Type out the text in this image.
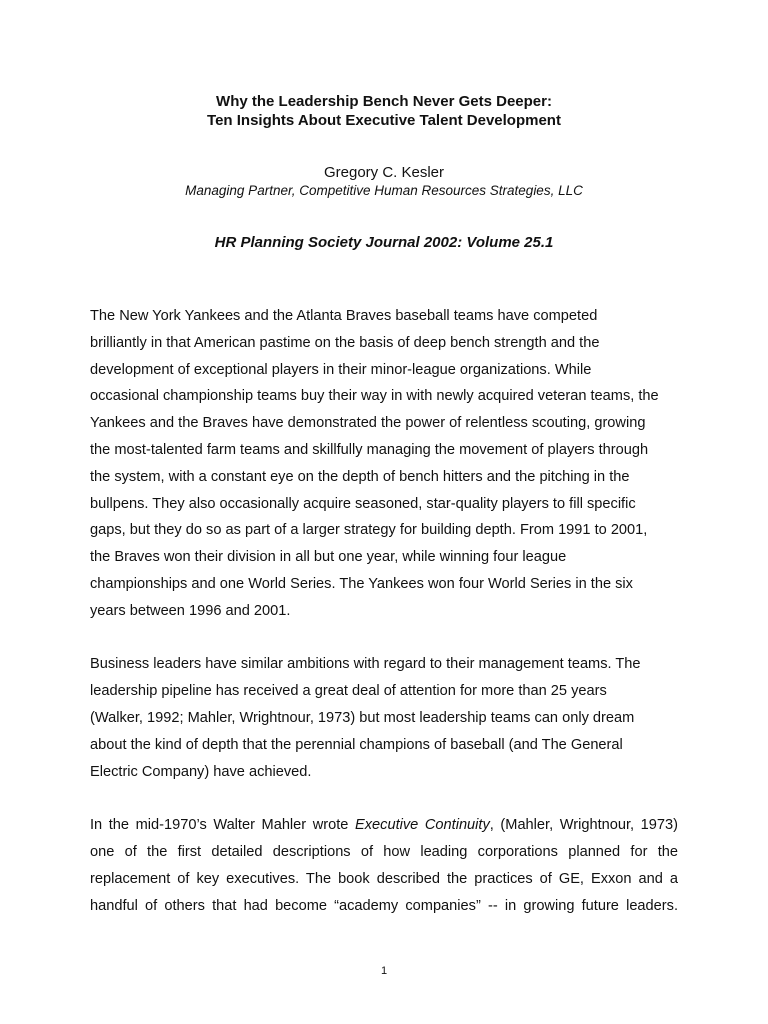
Why the Leadership Bench Never Gets Deeper:

Ten Insights About Executive Talent Development

Gregory C. Kesler

Managing Partner, Competitive Human Resources Strategies, LLC

HR Planning Society Journal 2002: Volume 25.1

The New York Yankees and the Atlanta Braves baseball teams have competed
brilliantly in that American pastime on the basis of deep bench strength and the
development of exceptional players in their minor-league organizations. While
occasional championship teams buy their way in with newly acquired veteran teams, the
Yankees and the Braves have demonstrated the power of relentless scouting, growing
the most-talented farm teams and skillfully managing the movement of players through
the system, with a constant eye on the depth of bench hitters and the pitching in the
bullpens. They also occasionally acquire seasoned, star-quality players to fill specific
gaps, but they do so as part of a larger strategy for building depth. From 1991 to 2001,
the Braves won their division in all but one year, while winning four league
championships and one World Series. The Yankees won four World Series in the six
years between 1996 and 2001.

Business leaders have similar ambitions with regard to their management teams. The
leadership pipeline has received a great deal of attention for more than 25 years
(Walker, 1992; Mahler, Wrightnour, 1973) but most leadership teams can only dream
about the kind of depth that the perennial champions of baseball (and The General
Electric Company) have achieved.

In the mid-1970’s Walter Mahler wrote Executive Continuity, (Mahler, Wrightnour, 1973)
one of the first detailed descriptions of how leading corporations planned for the
replacement of key executives. The book described the practices of GE, Exxon and a
handful of others that had become “academy companies” -- in growing future leaders.

1
